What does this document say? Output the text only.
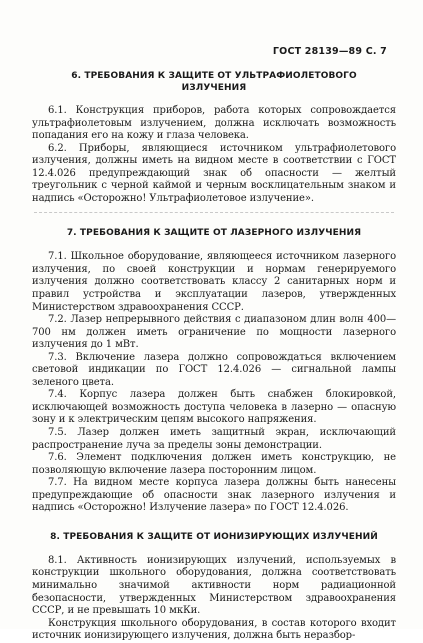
ГОСТ 28139—89 С. 7
6. ТРЕБОВАНИЯ К ЗАЩИТЕ ОТ УЛЬТРАФИОЛЕТОВОГО
ИЗЛУЧЕНИЯ

6.1. Конструкция приборов, работа которых сопровождается ультрафиолетовым излучением, должна исключать возможность попадания его на кожу и глаза человека.

6.2. Приборы, являющиеся источником ультрафиолетового излучения, должны иметь на видном месте в соответствии с ГОСТ 12.4.026 предупреждающий знак об опасности — желтый треугольник с черной каймой и черным восклицательным знаком и надпись «Осторожно! Ультрафиолетовое излучение».

7. ТРЕБОВАНИЯ К ЗАЩИТЕ ОТ ЛАЗЕРНОГО ИЗЛУЧЕНИЯ

7.1. Школьное оборудование, являющееся источником лазерного излучения, по своей конструкции и нормам генерируемого излучения должно соответствовать классу 2 санитарных норм и правил устройства и эксплуатации лазеров, утвержденных Министерством здравоохранения СССР.

7.2. Лазер непрерывного действия с диапазоном длин волн 400—700 нм должен иметь ограничение по мощности лазерного излучения до 1 мВт.

7.3. Включение лазера должно сопровождаться включением световой индикации по ГОСТ 12.4.026 — сигнальной лампы зеленого цвета.

7.4. Корпус лазера должен быть снабжен блокировкой, исключающей возможность доступа человека в лазерно — опасную зону и к электрическим цепям высокого напряжения.

7.5. Лазер должен иметь защитный экран, исключающий распространение луча за пределы зоны демонстрации.

7.6. Элемент подключения должен иметь конструкцию, не позволяющую включение лазера посторонним лицом.

7.7. На видном месте корпуса лазера должны быть нанесены предупреждающие об опасности знак лазерного излучения и надпись «Осторожно! Излучение лазера» по ГОСТ 12.4.026.

8. ТРЕБОВАНИЯ К ЗАЩИТЕ ОТ ИОНИЗИРУЮЩИХ ИЗЛУЧЕНИЙ

8.1. Активность ионизирующих излучений, используемых в конструкции школьного оборудования, должна соответствовать минимально значимой активности норм радиационной безопасности, утвержденных Министерством здравоохранения СССР, и не превышать 10 мкКи.

Конструкция школьного оборудования, в состав которого входит источник ионизирующего излучения, должна быть неразбор-
